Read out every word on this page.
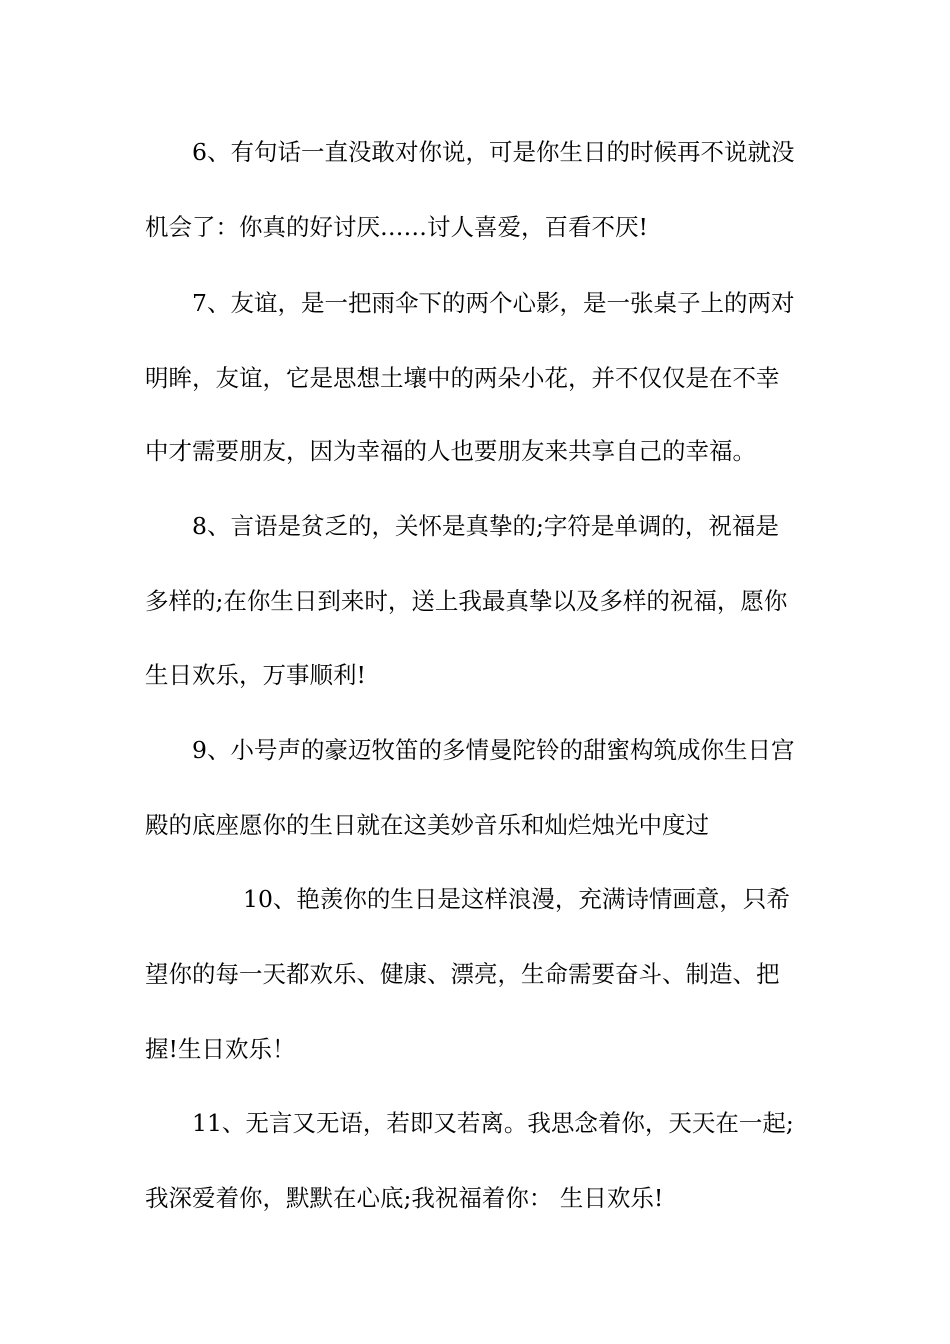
6、有句话一直没敢对你说，可是你生日的时候再不说就没
机会了：你真的好讨厌……讨人喜爱，百看不厌!
7、友谊，是一把雨伞下的两个心影，是一张桌子上的两对
明眸，友谊，它是思想土壤中的两朵小花，并不仅仅是在不幸
中才需要朋友，因为幸福的人也要朋友来共享自己的幸福。
8、言语是贫乏的，关怀是真挚的;字符是单调的，祝福是
多样的;在你生日到来时，送上我最真挚以及多样的祝福，愿你
生日欢乐，万事顺利!
9、小号声的豪迈牧笛的多情曼陀铃的甜蜜构筑成你生日宫
殿的底座愿你的生日就在这美妙音乐和灿烂烛光中度过
10、艳羡你的生日是这样浪漫，充满诗情画意，只希
望你的每一天都欢乐、健康、漂亮，生命需要奋斗、制造、把
握!生日欢乐！
11、无言又无语，若即又若离。我思念着你，天天在一起;
我深爱着你，默默在心底;我祝福着你： 生日欢乐!
